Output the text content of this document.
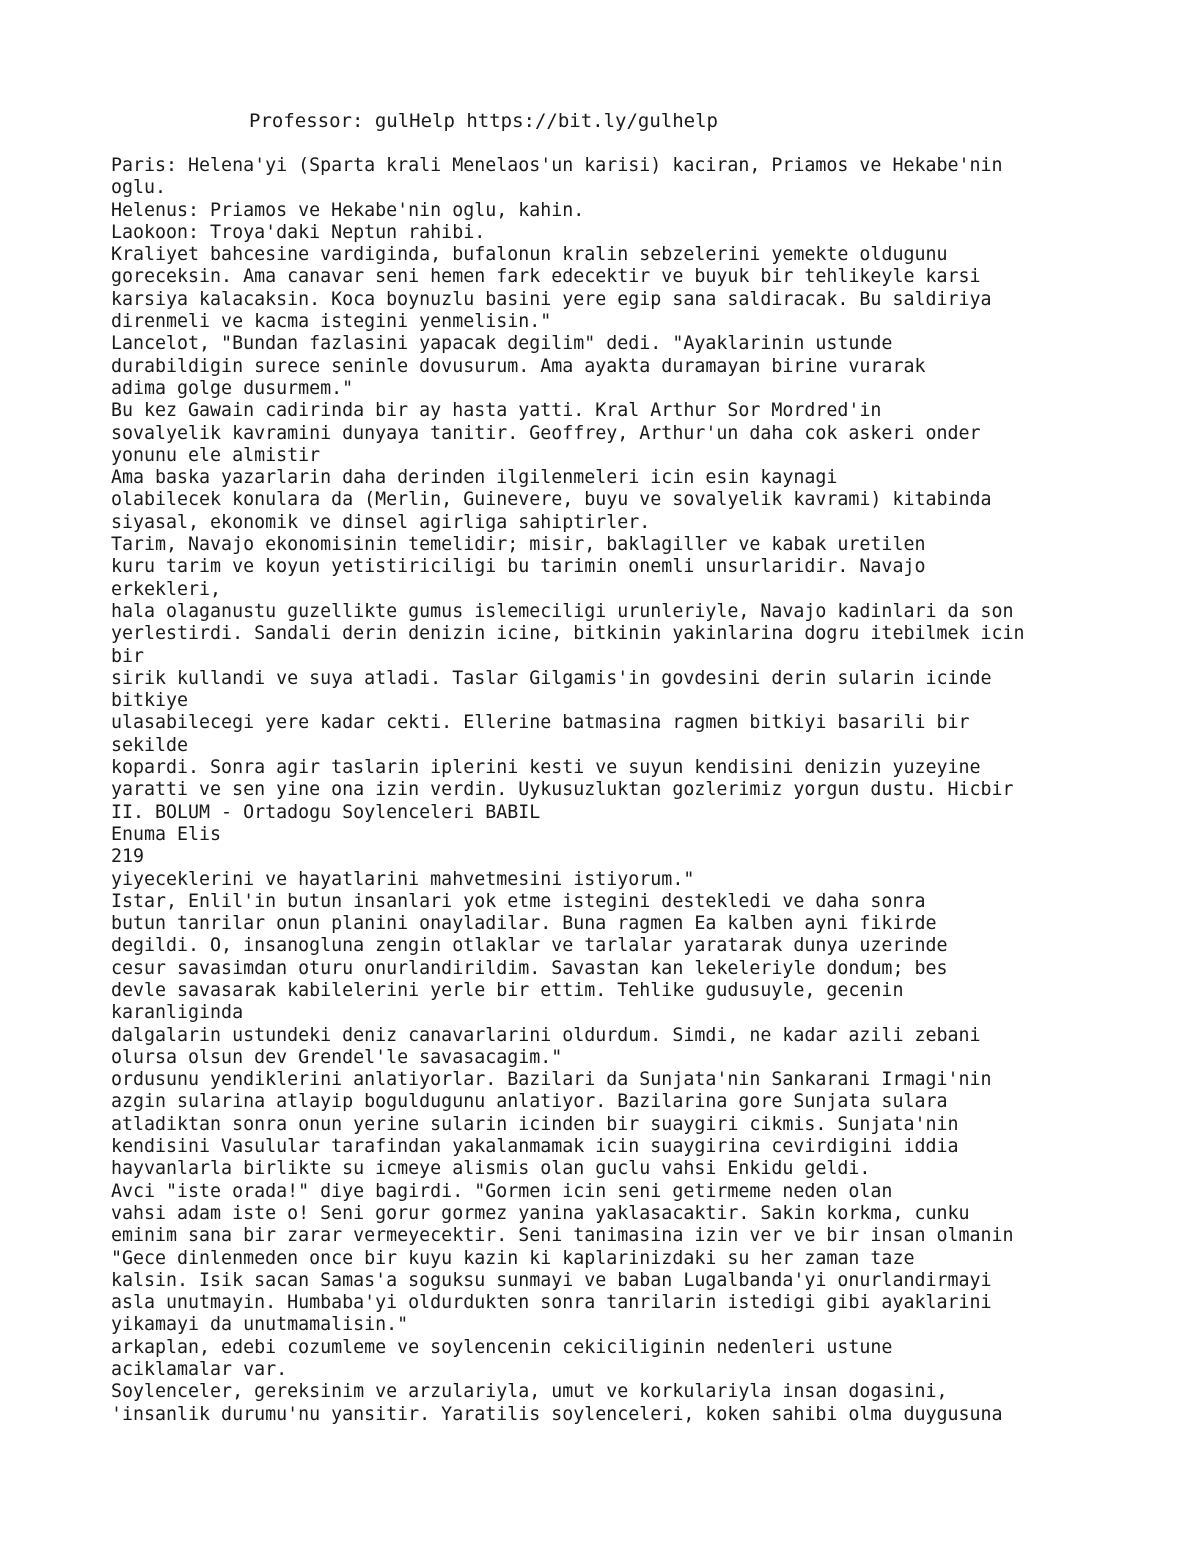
Professor: gulHelp https://bit.ly/gulhelp
Paris: Helena'yi (Sparta krali Menelaos'un karisi) kaciran, Priamos ve Hekabe'nin
oglu.
Helenus: Priamos ve Hekabe'nin oglu, kahin.
Laokoon: Troya'daki Neptun rahibi.
Kraliyet bahcesine vardiginda, bufalonun kralin sebzelerini yemekte oldugunu
goreceksin. Ama canavar seni hemen fark edecektir ve buyuk bir tehlikeyle karsi
karsiya kalacaksin. Koca boynuzlu basini yere egip sana saldiracak. Bu saldiriya
direnmeli ve kacma istegini yenmelisin."
Lancelot, "Bundan fazlasini yapacak degilim" dedi. "Ayaklarinin ustunde
durabildigin surece seninle dovusurum. Ama ayakta duramayan birine vurarak
adima golge dusurmem."
Bu kez Gawain cadirinda bir ay hasta yatti. Kral Arthur Sor Mordred'in
sovalyelik kavramini dunyaya tanitir. Geoffrey, Arthur'un daha cok askeri onder
yonunu ele almistir
Ama baska yazarlarin daha derinden ilgilenmeleri icin esin kaynagi
olabilecek konulara da (Merlin, Guinevere, buyu ve sovalyelik kavrami) kitabinda
siyasal, ekonomik ve dinsel agirliga sahiptirler.
Tarim, Navajo ekonomisinin temelidir; misir, baklagiller ve kabak uretilen
kuru tarim ve koyun yetistiriciligi bu tarimin onemli unsurlaridir. Navajo
erkekleri,
hala olaganustu guzellikte gumus islemeciligi urunleriyle, Navajo kadinlari da son
yerlestirdi. Sandali derin denizin icine, bitkinin yakinlarina dogru itebilmek icin
bir
sirik kullandi ve suya atladi. Taslar Gilgamis'in govdesini derin sularin icinde
bitkiye
ulasabilecegi yere kadar cekti. Ellerine batmasina ragmen bitkiyi basarili bir
sekilde
kopardi. Sonra agir taslarin iplerini kesti ve suyun kendisini denizin yuzeyine
yaratti ve sen yine ona izin verdin. Uykusuzluktan gozlerimiz yorgun dustu. Hicbir
II. BOLUM - Ortadogu Soylenceleri BABIL
Enuma Elis
219
yiyeceklerini ve hayatlarini mahvetmesini istiyorum."
Istar, Enlil'in butun insanlari yok etme istegini destekledi ve daha sonra
butun tanrilar onun planini onayladilar. Buna ragmen Ea kalben ayni fikirde
degildi. O, insanogluna zengin otlaklar ve tarlalar yaratarak dunya uzerinde
cesur savasimdan oturu onurlandirildim. Savastan kan lekeleriyle dondum; bes
devle savasarak kabilelerini yerle bir ettim. Tehlike gudusuyle, gecenin
karanliginda
dalgalarin ustundeki deniz canavarlarini oldurdum. Simdi, ne kadar azili zebani
olursa olsun dev Grendel'le savasacagim."
ordusunu yendiklerini anlatiyorlar. Bazilari da Sunjata'nin Sankarani Irmagi'nin
azgin sularina atlayip boguldugunu anlatiyor. Bazilarina gore Sunjata sulara
atladiktan sonra onun yerine sularin icinden bir suaygiri cikmis. Sunjata'nin
kendisini Vasulular tarafindan yakalanmamak icin suaygirina cevirdigini iddia
hayvanlarla birlikte su icmeye alismis olan guclu vahsi Enkidu geldi.
Avci "iste orada!" diye bagirdi. "Gormen icin seni getirmeme neden olan
vahsi adam iste o! Seni gorur gormez yanina yaklasacaktir. Sakin korkma, cunku
eminim sana bir zarar vermeyecektir. Seni tanimasina izin ver ve bir insan olmanin
"Gece dinlenmeden once bir kuyu kazin ki kaplarinizdaki su her zaman taze
kalsin. Isik sacan Samas'a soguksu sunmayi ve baban Lugalbanda'yi onurlandirmayi
asla unutmayin. Humbaba'yi oldurdukten sonra tanrilarin istedigi gibi ayaklarini
yikamayi da unutmamalisin."
arkaplan, edebi cozumleme ve soylencenin cekiciliginin nedenleri ustune
aciklamalar var.
Soylenceler, gereksinim ve arzulariyla, umut ve korkulariyla insan dogasini,
'insanlik durumu'nu yansitir. Yaratilis soylenceleri, koken sahibi olma duygusuna
